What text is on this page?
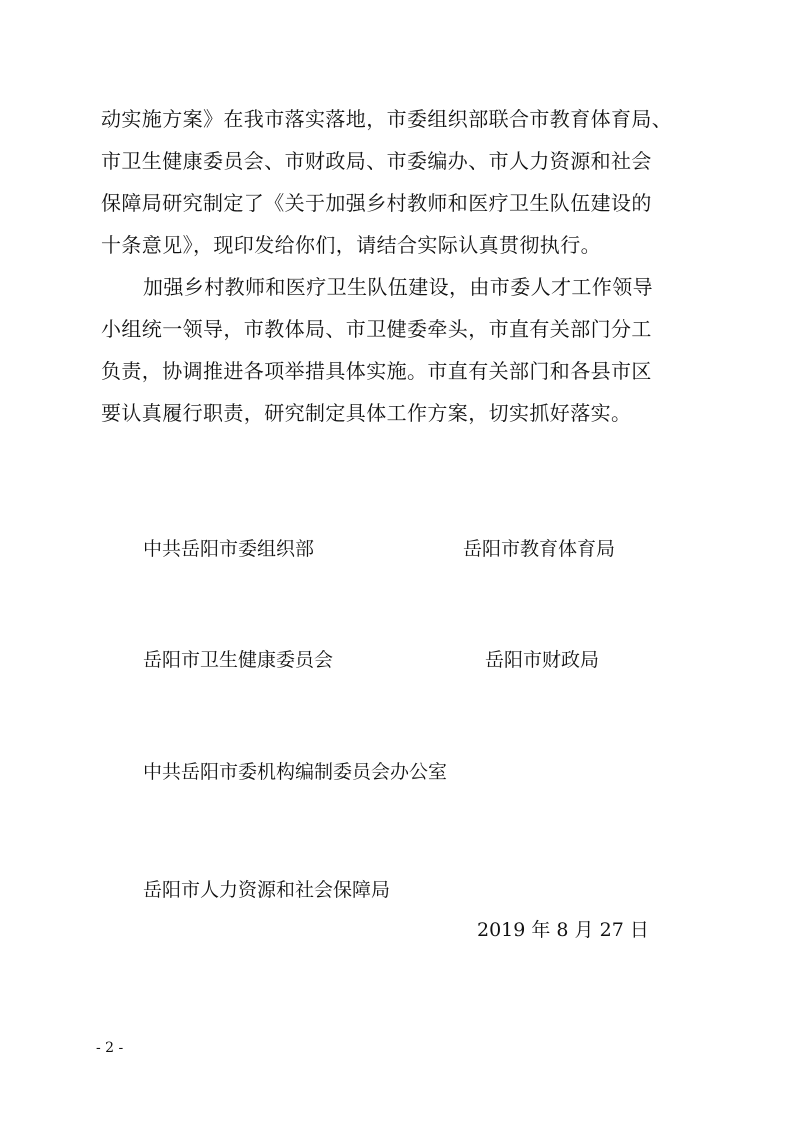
动实施方案》在我市落实落地，市委组织部联合市教育体育局、
市卫生健康委员会、市财政局、市委编办、市人力资源和社会
保障局研究制定了《关于加强乡村教师和医疗卫生队伍建设的
十条意见》，现印发给你们，请结合实际认真贯彻执行。
加强乡村教师和医疗卫生队伍建设，由市委人才工作领导
小组统一领导，市教体局、市卫健委牵头，市直有关部门分工
负责，协调推进各项举措具体实施。市直有关部门和各县市区
要认真履行职责，研究制定具体工作方案，切实抓好落实。
中共岳阳市委组织部	岳阳市教育体育局
岳阳市卫生健康委员会	岳阳市财政局
中共岳阳市委机构编制委员会办公室
岳阳市人力资源和社会保障局
2019 年 8 月 27 日
- 2 -
